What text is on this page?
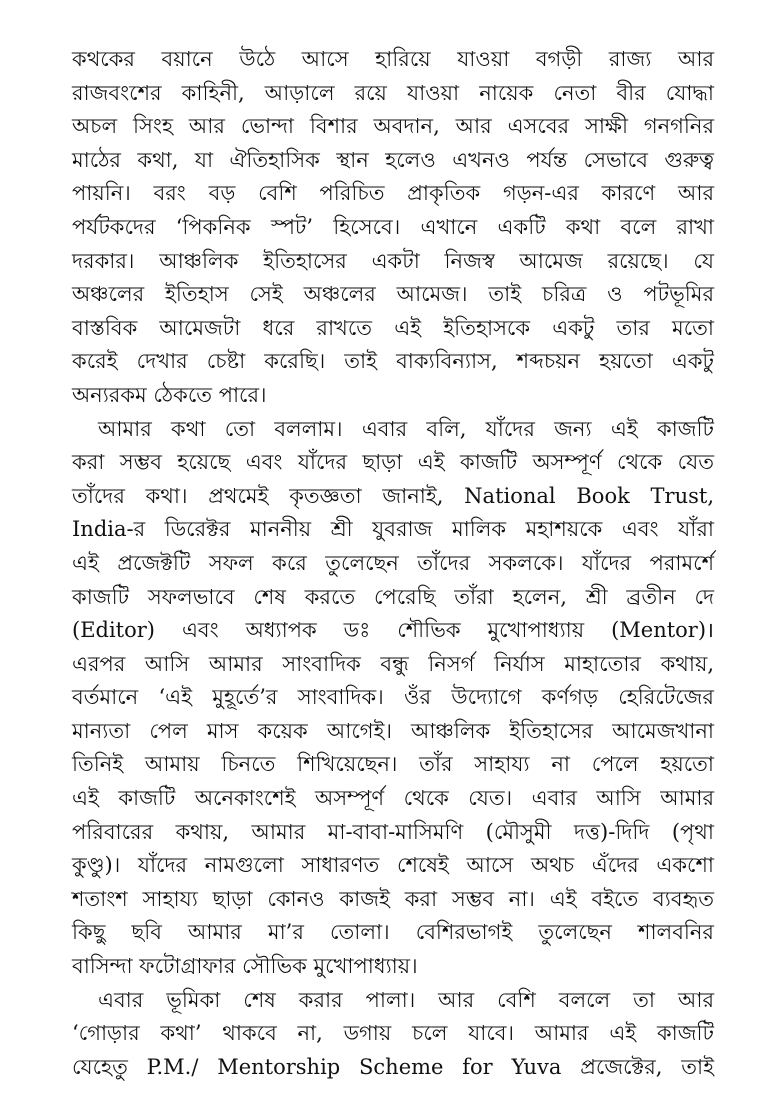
কথকের বয়ানে উঠে আসে হারিয়ে যাওয়া বগড়ী রাজ্য আর
রাজবংশের কাহিনী, আড়ালে রয়ে যাওয়া নায়েক নেতা বীর যোদ্ধা
অচল সিংহ আর ভোন্দা বিশার অবদান, আর এসবের সাক্ষী গনগনির
মাঠের কথা, যা ঐতিহাসিক স্থান হলেও এখনও পর্যন্ত সেভাবে গুরুত্ব
পায়নি। বরং বড় বেশি পরিচিত প্রাকৃতিক গড়ন-এর কারণে আর
পর্যটকদের ‘পিকনিক স্পট’ হিসেবে। এখানে একটি কথা বলে রাখা
দরকার। আঞ্চলিক ইতিহাসের একটা নিজস্ব আমেজ রয়েছে। যে
অঞ্চলের ইতিহাস সেই অঞ্চলের আমেজ। তাই চরিত্র ও পটভূমির
বাস্তবিক আমেজটা ধরে রাখতে এই ইতিহাসকে একটু তার মতো
করেই দেখার চেষ্টা করেছি। তাই বাক্যবিন্যাস, শব্দচয়ন হয়তো একটু
অন্যরকম ঠেকতে পারে।
আমার কথা তো বললাম। এবার বলি, যাঁদের জন্য এই কাজটি
করা সম্ভব হয়েছে এবং যাঁদের ছাড়া এই কাজটি অসম্পূর্ণ থেকে যেত
তাঁদের কথা। প্রথমেই কৃতজ্ঞতা জানাই, National Book Trust,
India-র ডিরেক্টর মাননীয় শ্রী যুবরাজ মালিক মহাশয়কে এবং যাঁরা
এই প্রজেক্টটি সফল করে তুলেছেন তাঁদের সকলকে। যাঁদের পরামর্শে
কাজটি সফলভাবে শেষ করতে পেরেছি তাঁরা হলেন, শ্রী ব্রতীন দে
(Editor) এবং অধ্যাপক ডঃ শৌভিক মুখোপাধ্যায় (Mentor)।
এরপর আসি আমার সাংবাদিক বন্ধু নিসর্গ নির্যাস মাহাতোর কথায়,
বর্তমানে ‘এই মুহূর্তে’র সাংবাদিক। ওঁর উদ্যোগে কর্ণগড় হেরিটেজের
মান্যতা পেল মাস কয়েক আগেই। আঞ্চলিক ইতিহাসের আমেজখানা
তিনিই আমায় চিনতে শিখিয়েছেন। তাঁর সাহায্য না পেলে হয়তো
এই কাজটি অনেকাংশেই অসম্পূর্ণ থেকে যেত। এবার আসি আমার
পরিবারের কথায়, আমার মা-বাবা-মাসিমণি (মৌসুমী দত্ত)-দিদি (পৃথা
কুণ্ডু)। যাঁদের নামগুলো সাধারণত শেষেই আসে অথচ এঁদের একশো
শতাংশ সাহায্য ছাড়া কোনও কাজই করা সম্ভব না। এই বইতে ব্যবহৃত
কিছু ছবি আমার মা’র তোলা। বেশিরভাগই তুলেছেন শালবনির
বাসিন্দা ফটোগ্রাফার সৌভিক মুখোপাধ্যায়।
এবার ভূমিকা শেষ করার পালা। আর বেশি বললে তা আর
‘গোড়ার কথা’ থাকবে না, ডগায় চলে যাবে। আমার এই কাজটি
যেহেতু P.M./ Mentorship Scheme for Yuva প্রজেক্টের, তাই
